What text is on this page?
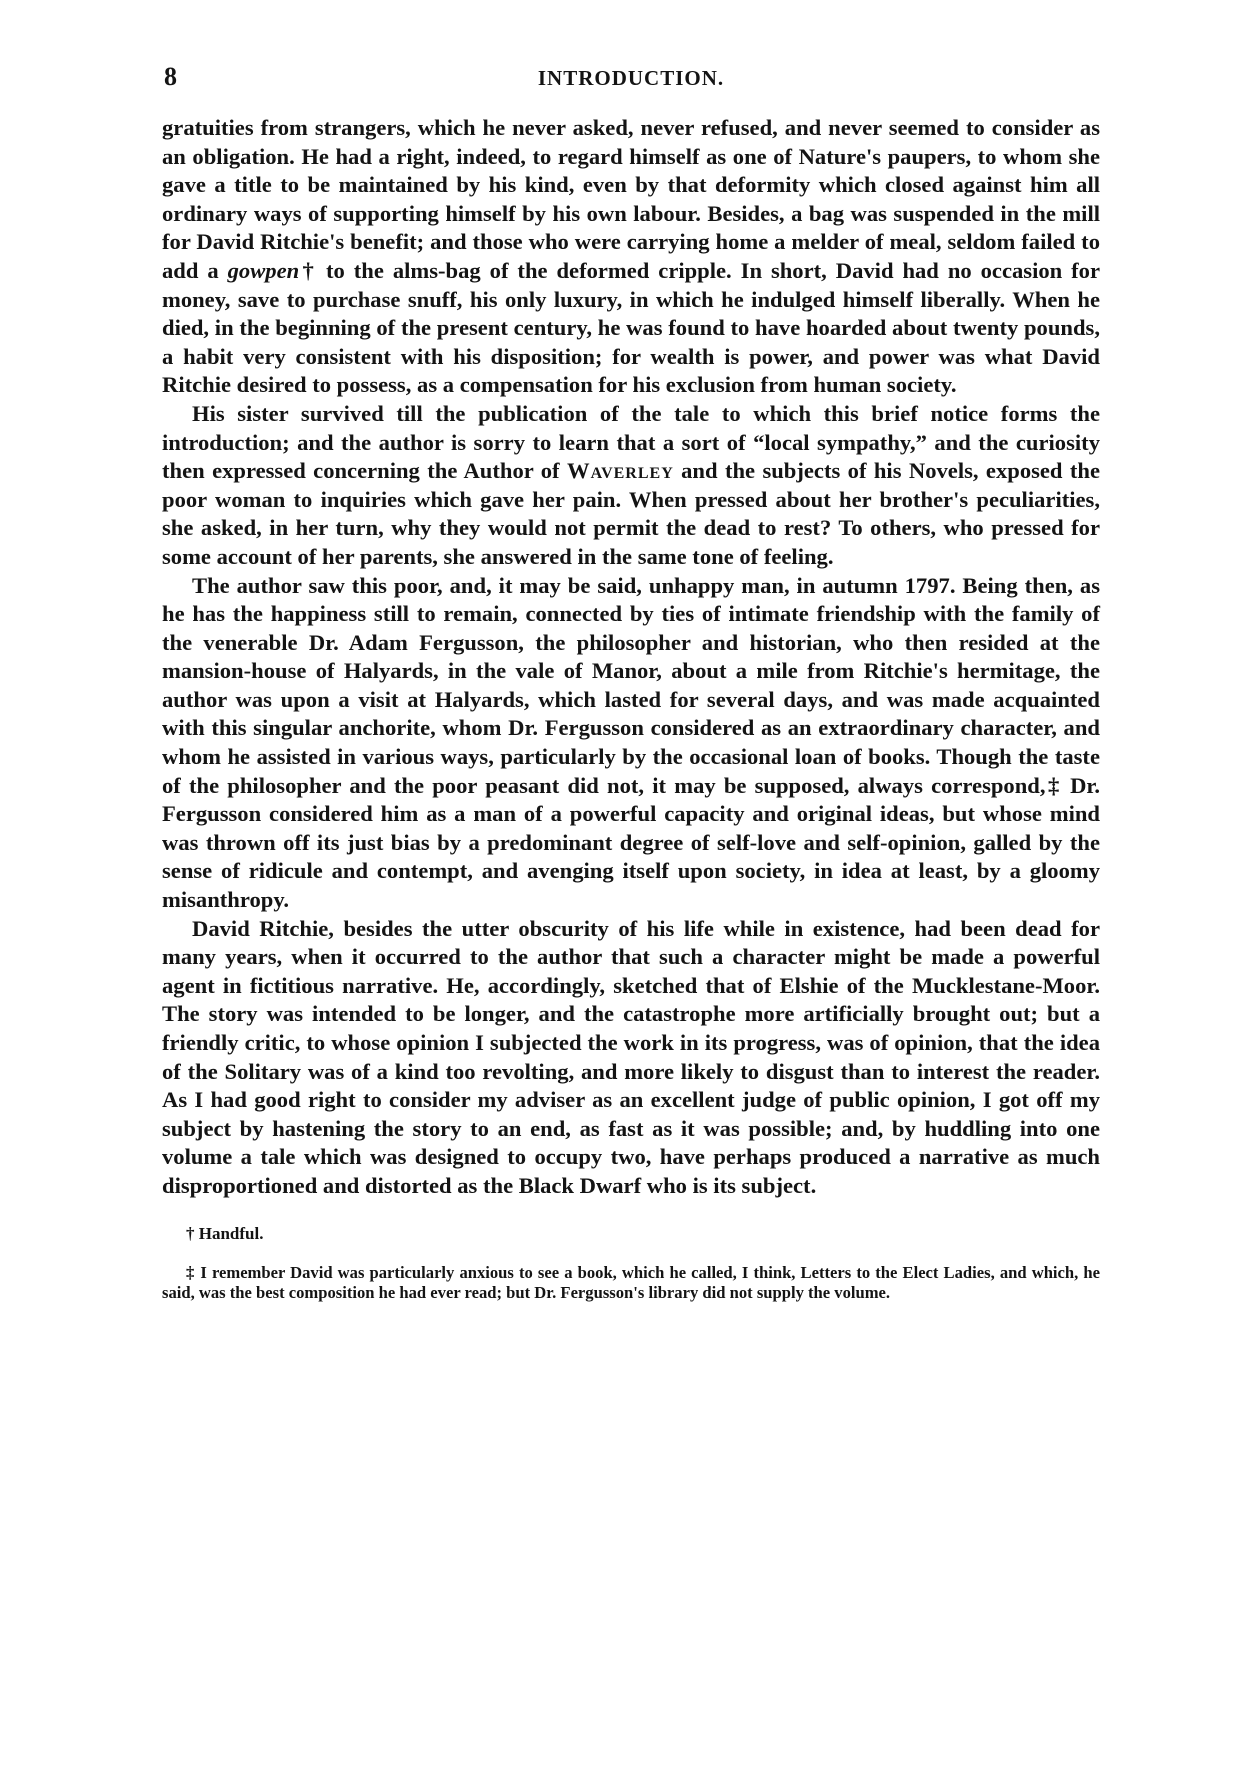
8	INTRODUCTION.

gratuities from strangers, which he never asked, never refused, and never seemed to consider as an obligation. He had a right, indeed, to regard himself as one of Nature's paupers, to whom she gave a title to be maintained by his kind, even by that deformity which closed against him all ordinary ways of supporting himself by his own labour. Besides, a bag was suspended in the mill for David Ritchie's benefit; and those who were carrying home a melder of meal, seldom failed to add a gowpen† to the alms-bag of the deformed cripple. In short, David had no occasion for money, save to purchase snuff, his only luxury, in which he indulged himself liberally. When he died, in the beginning of the present century, he was found to have hoarded about twenty pounds, a habit very consistent with his disposition; for wealth is power, and power was what David Ritchie desired to possess, as a compensation for his exclusion from human society.

His sister survived till the publication of the tale to which this brief notice forms the introduction; and the author is sorry to learn that a sort of “local sympathy,” and the curiosity then expressed concerning the Author of Waverley and the subjects of his Novels, exposed the poor woman to inquiries which gave her pain. When pressed about her brother's peculiarities, she asked, in her turn, why they would not permit the dead to rest? To others, who pressed for some account of her parents, she answered in the same tone of feeling.

The author saw this poor, and, it may be said, unhappy man, in autumn 1797. Being then, as he has the happiness still to remain, connected by ties of intimate friendship with the family of the venerable Dr. Adam Fergusson, the philosopher and historian, who then resided at the mansion-house of Halyards, in the vale of Manor, about a mile from Ritchie's hermitage, the author was upon a visit at Halyards, which lasted for several days, and was made acquainted with this singular anchorite, whom Dr. Fergusson considered as an extraordinary character, and whom he assisted in various ways, particularly by the occasional loan of books. Though the taste of the philosopher and the poor peasant did not, it may be supposed, always correspond,‡ Dr. Fergusson considered him as a man of a powerful capacity and original ideas, but whose mind was thrown off its just bias by a predominant degree of self-love and self-opinion, galled by the sense of ridicule and contempt, and avenging itself upon society, in idea at least, by a gloomy misanthropy.

David Ritchie, besides the utter obscurity of his life while in existence, had been dead for many years, when it occurred to the author that such a character might be made a powerful agent in fictitious narrative. He, accordingly, sketched that of Elshie of the Mucklestane-Moor. The story was intended to be longer, and the catastrophe more artificially brought out; but a friendly critic, to whose opinion I subjected the work in its progress, was of opinion, that the idea of the Solitary was of a kind too revolting, and more likely to disgust than to interest the reader. As I had good right to consider my adviser as an excellent judge of public opinion, I got off my subject by hastening the story to an end, as fast as it was possible; and, by huddling into one volume a tale which was designed to occupy two, have perhaps produced a narrative as much disproportioned and distorted as the Black Dwarf who is its subject.

† Handful.

‡ I remember David was particularly anxious to see a book, which he called, I think, Letters to the Elect Ladies, and which, he said, was the best composition he had ever read; but Dr. Fergusson's library did not supply the volume.
